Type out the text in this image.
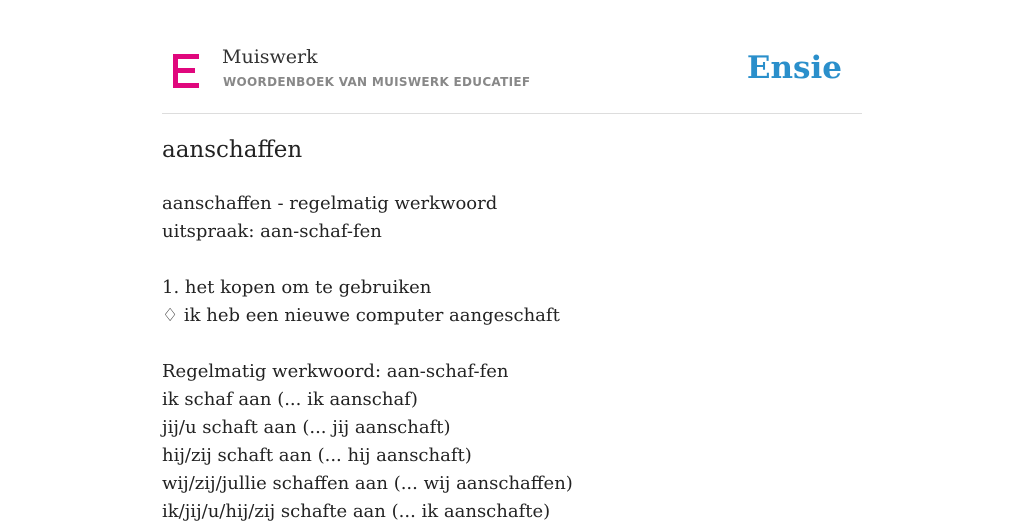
Muiswerk
WOORDENBOEK VAN MUISWERK EDUCATIEF	Ensie
aanschaffen
aanschaffen - regelmatig werkwoord
uitspraak: aan-schaf-fen
1. het kopen om te gebruiken
♢ ik heb een nieuwe computer aangeschaft
Regelmatig werkwoord: aan-schaf-fen
ik schaf aan (... ik aanschaf)
jij/u schaft aan (... jij aanschaft)
hij/zij schaft aan (... hij aanschaft)
wij/zij/jullie schaffen aan (... wij aanschaffen)
ik/jij/u/hij/zij schafte aan (... ik aanschafte)
